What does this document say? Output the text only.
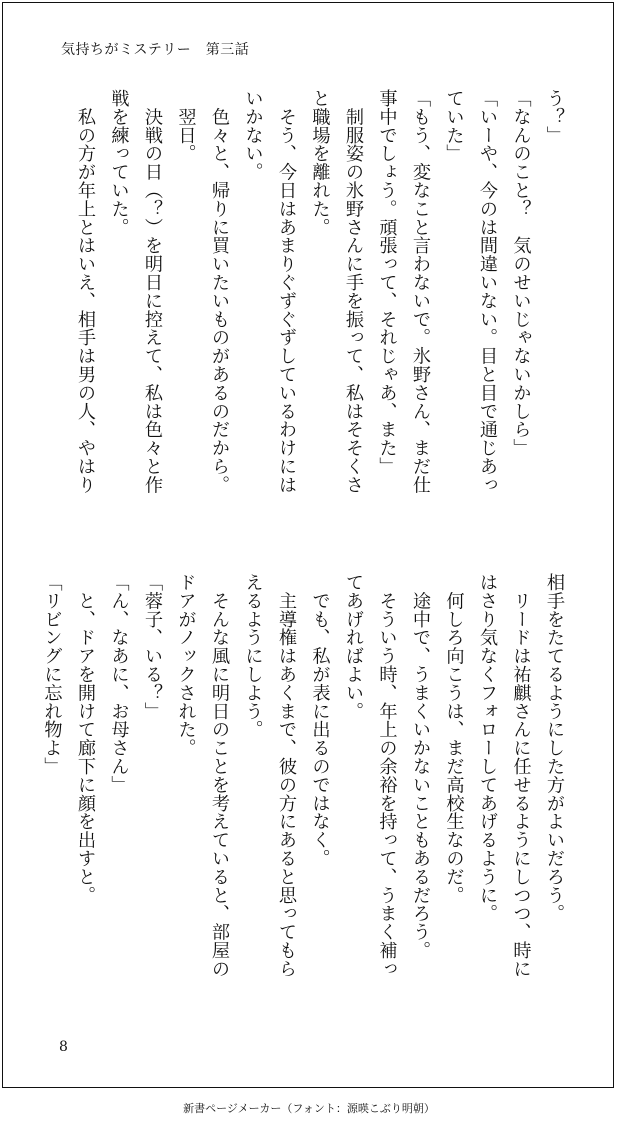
気持ちがミステリー　第三話
う？」
「なんのこと？　気のせいじゃないかしら」
「いーや、今のは間違いない。目と目で通じあっ
ていた」
「もう、変なこと言わないで。氷野さん、まだ仕
事中でしょう。頑張って、それじゃあ、また」
　制服姿の氷野さんに手を振って、私はそそくさ
と職場を離れた。
　そう、今日はあまりぐずぐずしているわけには
いかない。
　色々と、帰りに買いたいものがあるのだから。
　翌日。
　決戦の日（？）を明日に控えて、私は色々と作
戦を練っていた。
　私の方が年上とはいえ、相手は男の人、やはり
相手をたてるようにした方がよいだろう。
　リードは祐麒さんに任せるようにしつつ、時に
はさり気なくフォローしてあげるように。
　何しろ向こうは、まだ高校生なのだ。
　途中で、うまくいかないこともあるだろう。
　そういう時、年上の余裕を持って、うまく補っ
てあげればよい。
　でも、私が表に出るのではなく。
　主導権はあくまで、彼の方にあると思ってもら
えるようにしよう。
　そんな風に明日のことを考えていると、部屋の
ドアがノックされた。
「蓉子、いる？」
「ん、なあに、お母さん」
　と、ドアを開けて廊下に顔を出すと。
「リビングに忘れ物よ」
8
新書ページメーカー（フォント：源暎こぶり明朝）
